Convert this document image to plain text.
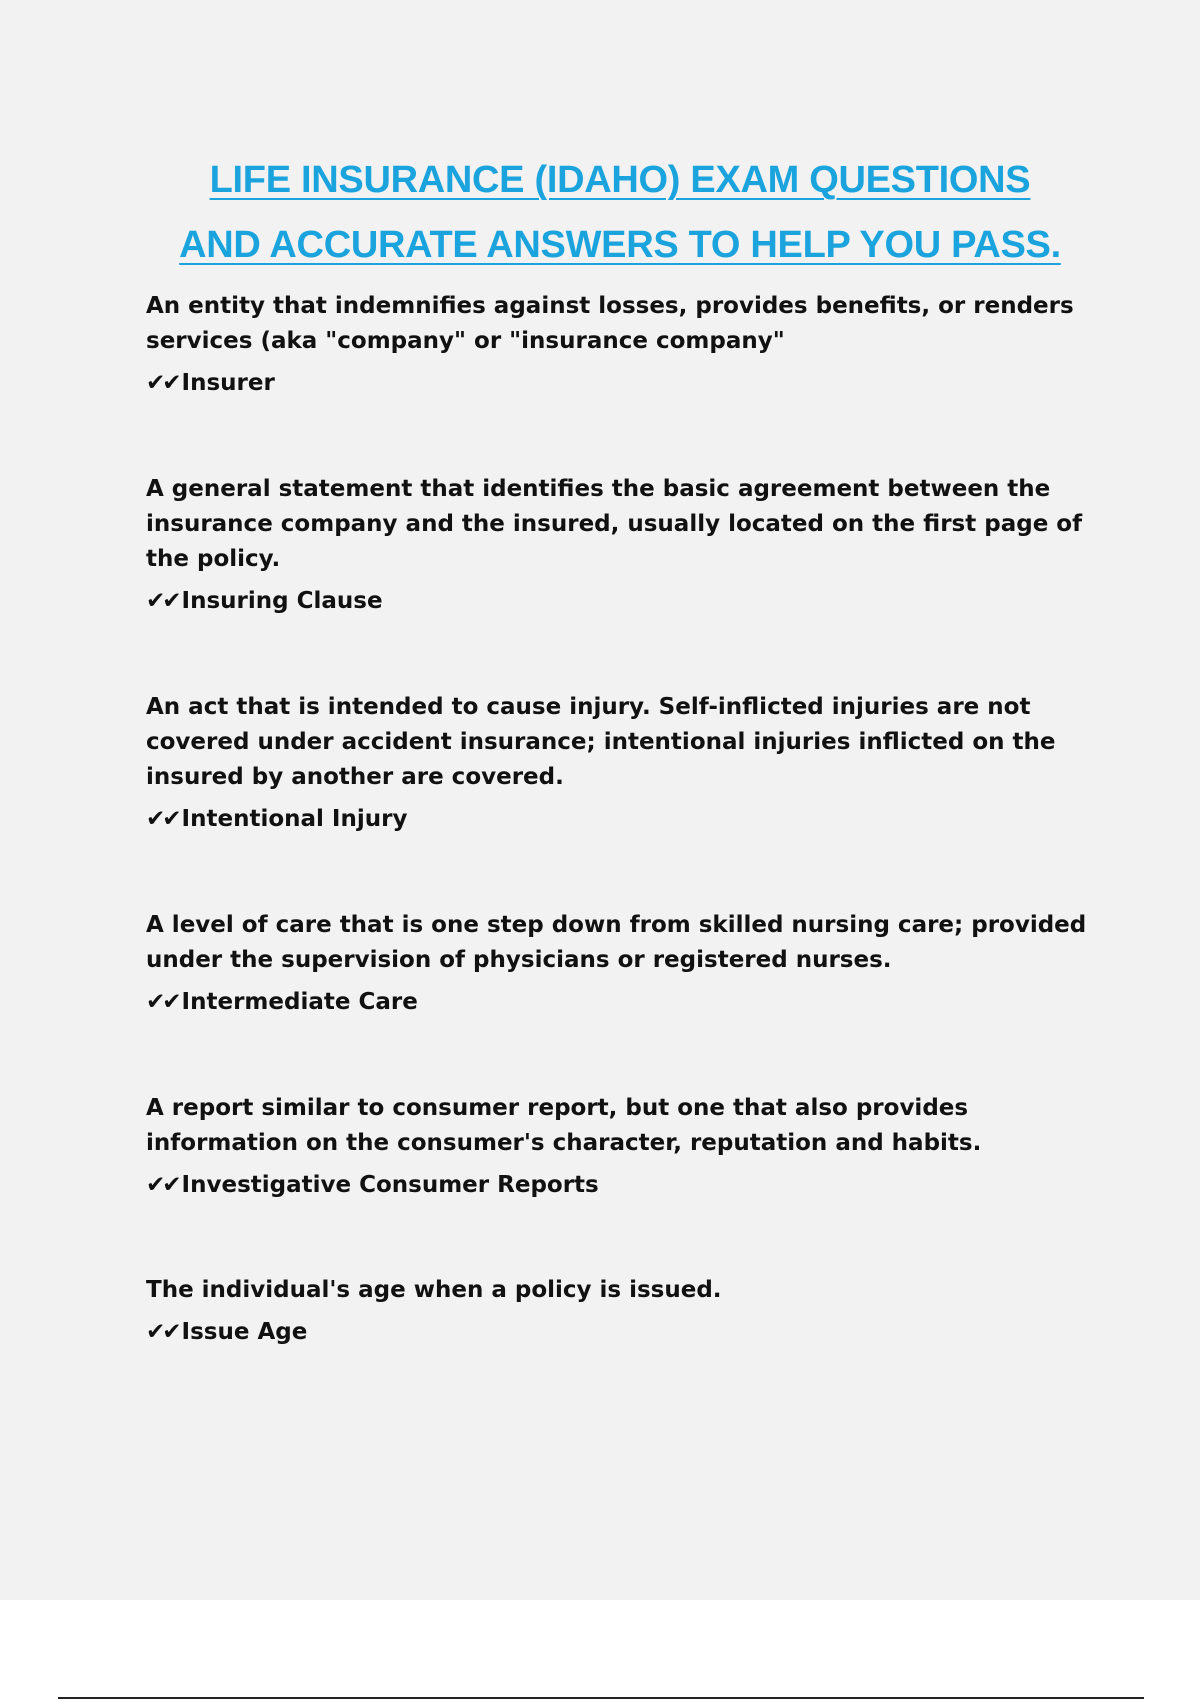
LIFE INSURANCE (IDAHO) EXAM QUESTIONS
AND ACCURATE ANSWERS TO HELP YOU PASS.
An entity that indemnifies against losses, provides benefits, or renders services (aka "company" or "insurance company"
✔✔ Insurer
A general statement that identifies the basic agreement between the insurance company and the insured, usually located on the first page of the policy.
✔✔ Insuring Clause
An act that is intended to cause injury. Self-inflicted injuries are not covered under accident insurance; intentional injuries inflicted on the insured by another are covered.
✔✔ Intentional Injury
A level of care that is one step down from skilled nursing care; provided under the supervision of physicians or registered nurses.
✔✔ Intermediate Care
A report similar to consumer report, but one that also provides information on the consumer's character, reputation and habits.
✔✔ Investigative Consumer Reports
The individual's age when a policy is issued.
✔✔ Issue Age
